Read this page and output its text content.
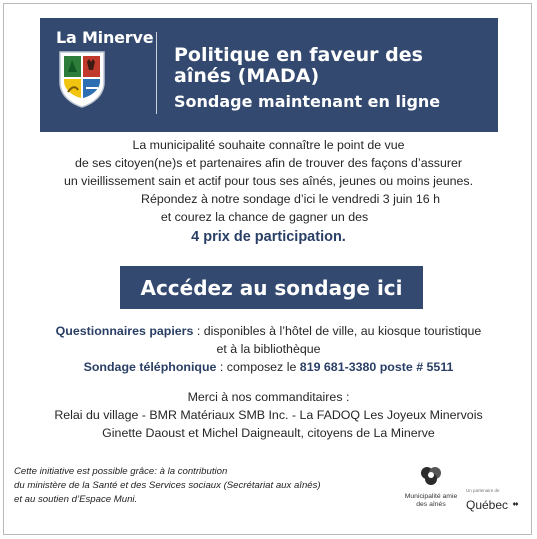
La Minerve
Politique en faveur des
aînés (MADA)
Sondage maintenant en ligne
La municipalité souhaite connaître le point de vue
de ses citoyen(ne)s et partenaires afin de trouver des façons d’assurer
un vieillissement sain et actif pour tous ses aînés, jeunes ou moins jeunes.
Répondez à notre sondage d’ici le vendredi 3 juin 16 h
et courez la chance de gagner un des
4 prix de participation.
Accédez au sondage ici
Questionnaires papiers : disponibles à l’hôtel de ville, au kiosque touristique
et à la bibliothèque
Sondage téléphonique : composez le 819 681-3380 poste # 5511
Merci à nos commanditaires :
Relai du village - BMR Matériaux SMB Inc. - La FADOQ Les Joyeux Minervois
Ginette Daoust et Michel Daigneault, citoyens de La Minerve
Cette initiative est possible grâce: à la contribution
du ministère de la Santé et des Services sociaux (Secrétariat aux aînés)
et au soutien d’Espace Muni.	Municipalité amie des aînés
Un partenaire de
Québec ♦♦
